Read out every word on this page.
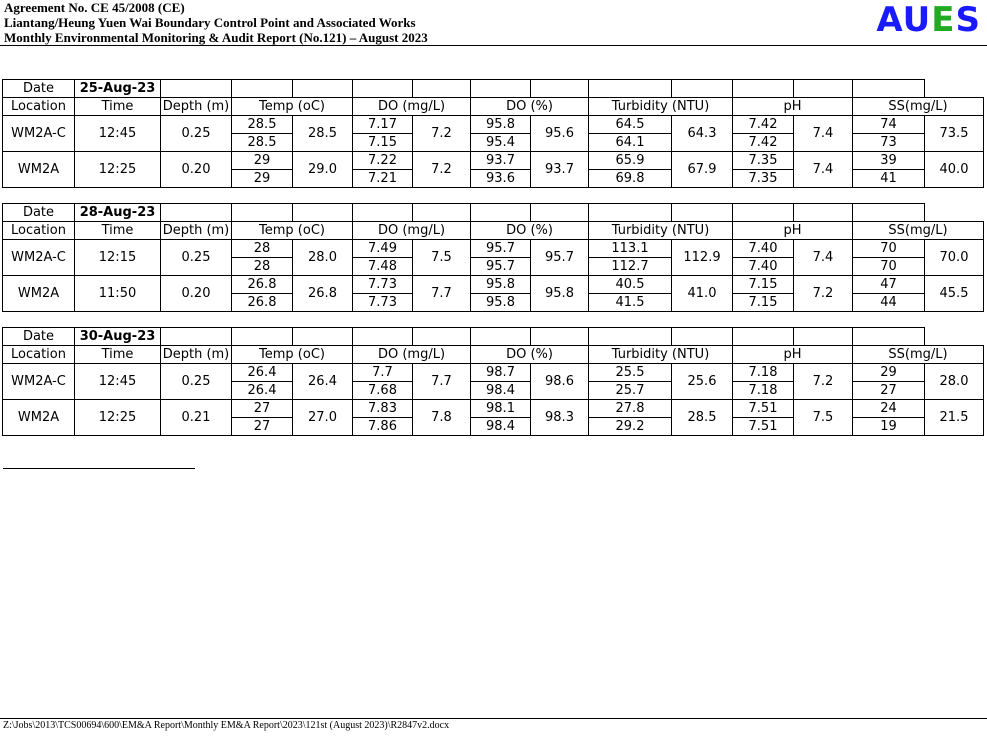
Agreement No. CE 45/2008 (CE)
Liantang/Heung Yuen Wai Boundary Control Point and Associated Works
Monthly Environmental Monitoring & Audit Report (No.121) – August 2023	AUES
Date	25-Aug-23													
Location	Time	Depth (m)	Temp (oC)		DO (mg/L)		DO (%)		Turbidity (NTU)		pH		SS(mg/L)	
WM2A-C	12:45	0.25	28.5	28.5	7.17	7.2	95.8	95.6	64.5	64.3	7.42	7.4	74	73.5
			28.5		7.15		95.4		64.1		7.42		73	
WM2A	12:25	0.20	29	29.0	7.22	7.2	93.7	93.7	65.9	67.9	7.35	7.4	39	40.0
			29		7.21		93.6		69.8		7.35		41	
Date	28-Aug-23													
Location	Time	Depth (m)	Temp (oC)		DO (mg/L)		DO (%)		Turbidity (NTU)		pH		SS(mg/L)	
WM2A-C	12:15	0.25	28	28.0	7.49	7.5	95.7	95.7	113.1	112.9	7.40	7.4	70	70.0
			28		7.48		95.7		112.7		7.40		70	
WM2A	11:50	0.20	26.8	26.8	7.73	7.7	95.8	95.8	40.5	41.0	7.15	7.2	47	45.5
			26.8		7.73		95.8		41.5		7.15		44	
Date	30-Aug-23													
Location	Time	Depth (m)	Temp (oC)		DO (mg/L)		DO (%)		Turbidity (NTU)		pH		SS(mg/L)	
WM2A-C	12:45	0.25	26.4	26.4	7.7	7.7	98.7	98.6	25.5	25.6	7.18	7.2	29	28.0
			26.4		7.68		98.4		25.7		7.18		27	
WM2A	12:25	0.21	27	27.0	7.83	7.8	98.1	98.3	27.8	28.5	7.51	7.5	24	21.5
			27		7.86		98.4		29.2		7.51		19	
Z:\Jobs\2013\TCS00694\600\EM&A Report\Monthly EM&A Report\2023\121st (August 2023)\R2847v2.docx
